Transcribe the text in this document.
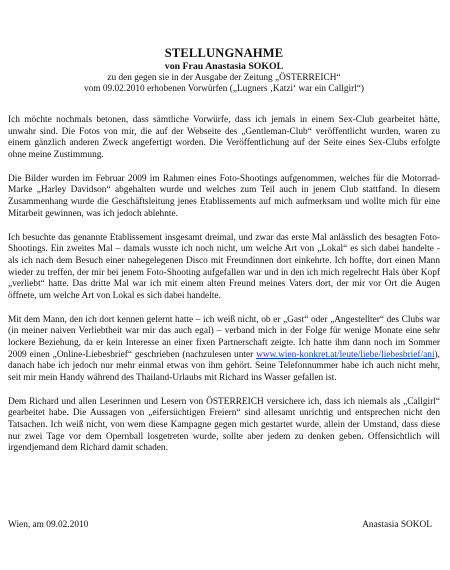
STELLUNGNAHME

von Frau Anastasia SOKOL

zu den gegen sie in der Ausgabe der Zeitung „ÖSTERREICH“

vom 09.02.2010 erhobenen Vorwürfen („Lugners ‚Katzi‘ war ein Callgirl“)

Ich möchte nochmals betonen, dass sämtliche Vorwürfe, dass ich jemals in einem Sex-Club gearbeitet hätte, unwahr sind. Die Fotos von mir, die auf der Webseite des „Gentleman-Club“ veröffentlicht wurden, waren zu einem gänzlich anderen Zweck angefertigt worden. Die Veröffentlichung auf der Seite eines Sex-Clubs erfolgte ohne meine Zustimmung.

Die Bilder wurden im Februar 2009 im Rahmen eines Foto-Shootings aufgenommen, welches für die Motorrad-Marke „Harley Davidson“ abgehalten wurde und welches zum Teil auch in jenem Club stattfand. In diesem Zusammenhang wurde die Geschäftsleitung jenes Etablissements auf mich aufmerksam und wollte mich für eine Mitarbeit gewinnen, was ich jedoch ablehnte.

Ich besuchte das genannte Etablissement insgesamt dreimal, und zwar das erste Mal anlässlich des besagten Foto-Shootings. Ein zweites Mal – damals wusste ich noch nicht, um welche Art von „Lokal“ es sich dabei handelte - als ich nach dem Besuch einer nahegelegenen Disco mit Freundinnen dort einkehrte. Ich hoffte, dort einen Mann wieder zu treffen, der mir bei jenem Foto-Shooting aufgefallen war und in den ich mich regelrecht Hals über Kopf „verliebt“ hatte. Das dritte Mal war ich mit einem alten Freund meines Vaters dort, der mir vor Ort die Augen öffnete, um welche Art von Lokal es sich dabei handelte.

Mit dem Mann, den ich dort kennen gelernt hatte – ich weiß nicht, ob er „Gast“ oder „Angestellter“ des Clubs war (in meiner naiven Verliebtheit war mir das auch egal) – verband mich in der Folge für wenige Monate eine sehr lockere Beziehung, da er kein Interesse an einer fixen Partnerschaft zeigte. Ich hatte ihm dann noch im Sommer 2009 einen „Online-Liebesbrief“ geschrieben (nachzulesen unter www.wien-konkret.at/leute/liebe/liebesbrief/ani), danach habe ich jedoch nur mehr einmal etwas von ihm gehört. Seine Telefonnummer habe ich auch nicht mehr, seit mir mein Handy während des Thailand-Urlaubs mit Richard ins Wasser gefallen ist.

Dem Richard und allen Leserinnen und Lesern von ÖSTERREICH versichere ich, dass ich niemals als „Callgirl“ gearbeitet habe. Die Aussagen von „eifersüchtigen Freiern“ sind allesamt unrichtig und entsprechen nicht den Tatsachen. Ich weiß nicht, von wem diese Kampagne gegen mich gestartet wurde, allein der Umstand, dass diese nur zwei Tage vor dem Opernball losgetreten wurde, sollte aber jedem zu denken geben. Offensichtlich will irgendjemand dem Richard damit schaden.

Wien, am 09.02.2010	Anastasia SOKOL
